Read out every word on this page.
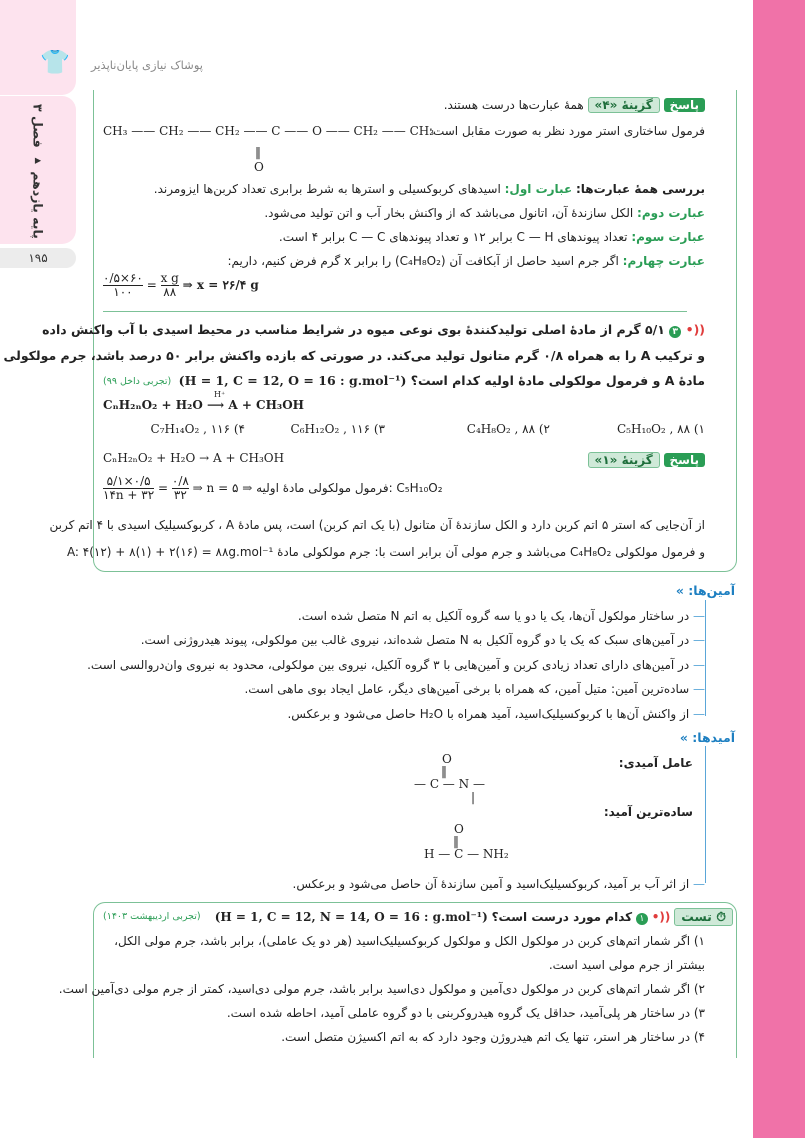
👕
پایه یازدهم ▸ فصل ۳
۱۹۵
پوشاک نیازی پایان‌ناپذیر
پاسخ گزینهٔ «۴» همهٔ عبارت‌ها درست هستند.
فرمول ساختاری استر مورد نظر به صورت مقابل است:
CH₃ —— CH₂ —— CH₂ —— C —— O —— CH₂ —— CH₃
‖
O
بررسی همهٔ عبارت‌ها: عبارت اول: اسیدهای کربوکسیلی و استرها به شرط برابری تعداد کربن‌ها ایزومرند.
عبارت دوم: الکل سازندهٔ آن، اتانول می‌باشد که از واکنش بخار آب و اتن تولید می‌شود.
عبارت سوم: تعداد پیوندهای C — H برابر ۱۲ و تعداد پیوندهای C — C برابر ۴ است.
عبارت چهارم: اگر جرم اسید حاصل از آبکافت آن (C₄H₈O₂) را برابر x گرم فرض کنیم، داریم:
$\frac{۰/۵\times ۶۰}{۱۰۰} = \frac{\text{x g}}{۸۸}$ ⇒ x = ۲۶/۴ g
((• ۳ ۵/۱ گرم از مادهٔ اصلی تولیدکنندهٔ بوی نوعی میوه در شرایط مناسب در محیط اسیدی با آب واکنش داده
و ترکیب A را به همراه ۰/۸ گرم متانول تولید می‌کند. در صورتی که بازده واکنش برابر ۵۰ درصد باشد، جرم مولکولی
مادهٔ A و فرمول مولکولی مادهٔ اولیه کدام است؟ (H = 1, C = 12, O = 16 : g.mol⁻¹)
(تجربی داخل ۹۹)
CₙH₂ₙO₂ + H₂O ⟶ A + CH₃OH
H⁺
۱) C₅H₁₀O₂ , ۸۸
۲) C₄H₈O₂ , ۸۸
۳) C₆H₁₂O₂ , ۱۱۶
۴) C₇H₁₄O₂ , ۱۱۶
پاسخ گزینهٔ «۱»
CₙH₂ₙO₂ + H₂O → A + CH₃OH
$\frac{۵/۱\times ۰/۵}{۱۴n + ۳۲} = \frac{۰/۸}{۳۲}$ ⇒ n = ۵ ⇒ فرمول مولکولی مادهٔ اولیه: C₅H₁₀O₂
از آن‌جایی که استر ۵ اتم کربن دارد و الکل سازندهٔ آن متانول (با یک اتم کربن) است، پس مادهٔ A ، کربوکسیلیک اسیدی با ۴ اتم کربن
و فرمول مولکولی C₄H₈O₂ می‌باشد و جرم مولی آن برابر است با: جرم مولکولی مادهٔ A: ۴(۱۲) + ۸(۱) + ۲(۱۶) = ۸۸g.mol⁻¹
آمین‌ها: »
— در ساختار مولکول آن‌ها، یک یا دو یا سه گروه آلکیل به اتم N متصل شده است.
— در آمین‌های سبک که یک یا دو گروه آلکیل به N متصل شده‌اند، نیروی غالب بین مولکولی، پیوند هیدروژنی است.
— در آمین‌های دارای تعداد زیادی کربن و آمین‌هایی با ۳ گروه آلکیل، نیروی بین مولکولی، محدود به نیروی وان‌دروالسی است.
— ساده‌ترین آمین: متیل آمین، که همراه با برخی آمین‌های دیگر، عامل ایجاد بوی ماهی است.
— از واکنش آن‌ها با کربوکسیلیک‌اسید، آمید همراه با H₂O حاصل می‌شود و برعکس.
آمیدها: »
عامل آمیدی:
O
‖
— C — N —
|
ساده‌ترین آمید:
O
‖
H — C — NH₂
— از اثر آب بر آمید، کربوکسیلیک‌اسید و آمین سازندهٔ آن حاصل می‌شود و برعکس.
⏱ تست ((• ۱ کدام مورد درست است؟ (H = 1, C = 12, N = 14, O = 16 : g.mol⁻¹)
(تجربی اردیبهشت ۱۴۰۳)
۱) اگر شمار اتم‌های کربن در مولکول الکل و مولکول کربوکسیلیک‌اسید (هر دو یک عاملی)، برابر باشد، جرم مولی الکل،
بیشتر از جرم مولی اسید است.
۲) اگر شمار اتم‌های کربن در مولکول دی‌آمین و مولکول دی‌اسید برابر باشد، جرم مولی دی‌اسید، کمتر از جرم مولی دی‌آمین است.
۳) در ساختار هر پلی‌آمید، حداقل یک گروه هیدروکربنی با دو گروه عاملی آمید، احاطه شده است.
۴) در ساختار هر استر، تنها یک اتم هیدروژن وجود دارد که به اتم اکسیژن متصل است.
